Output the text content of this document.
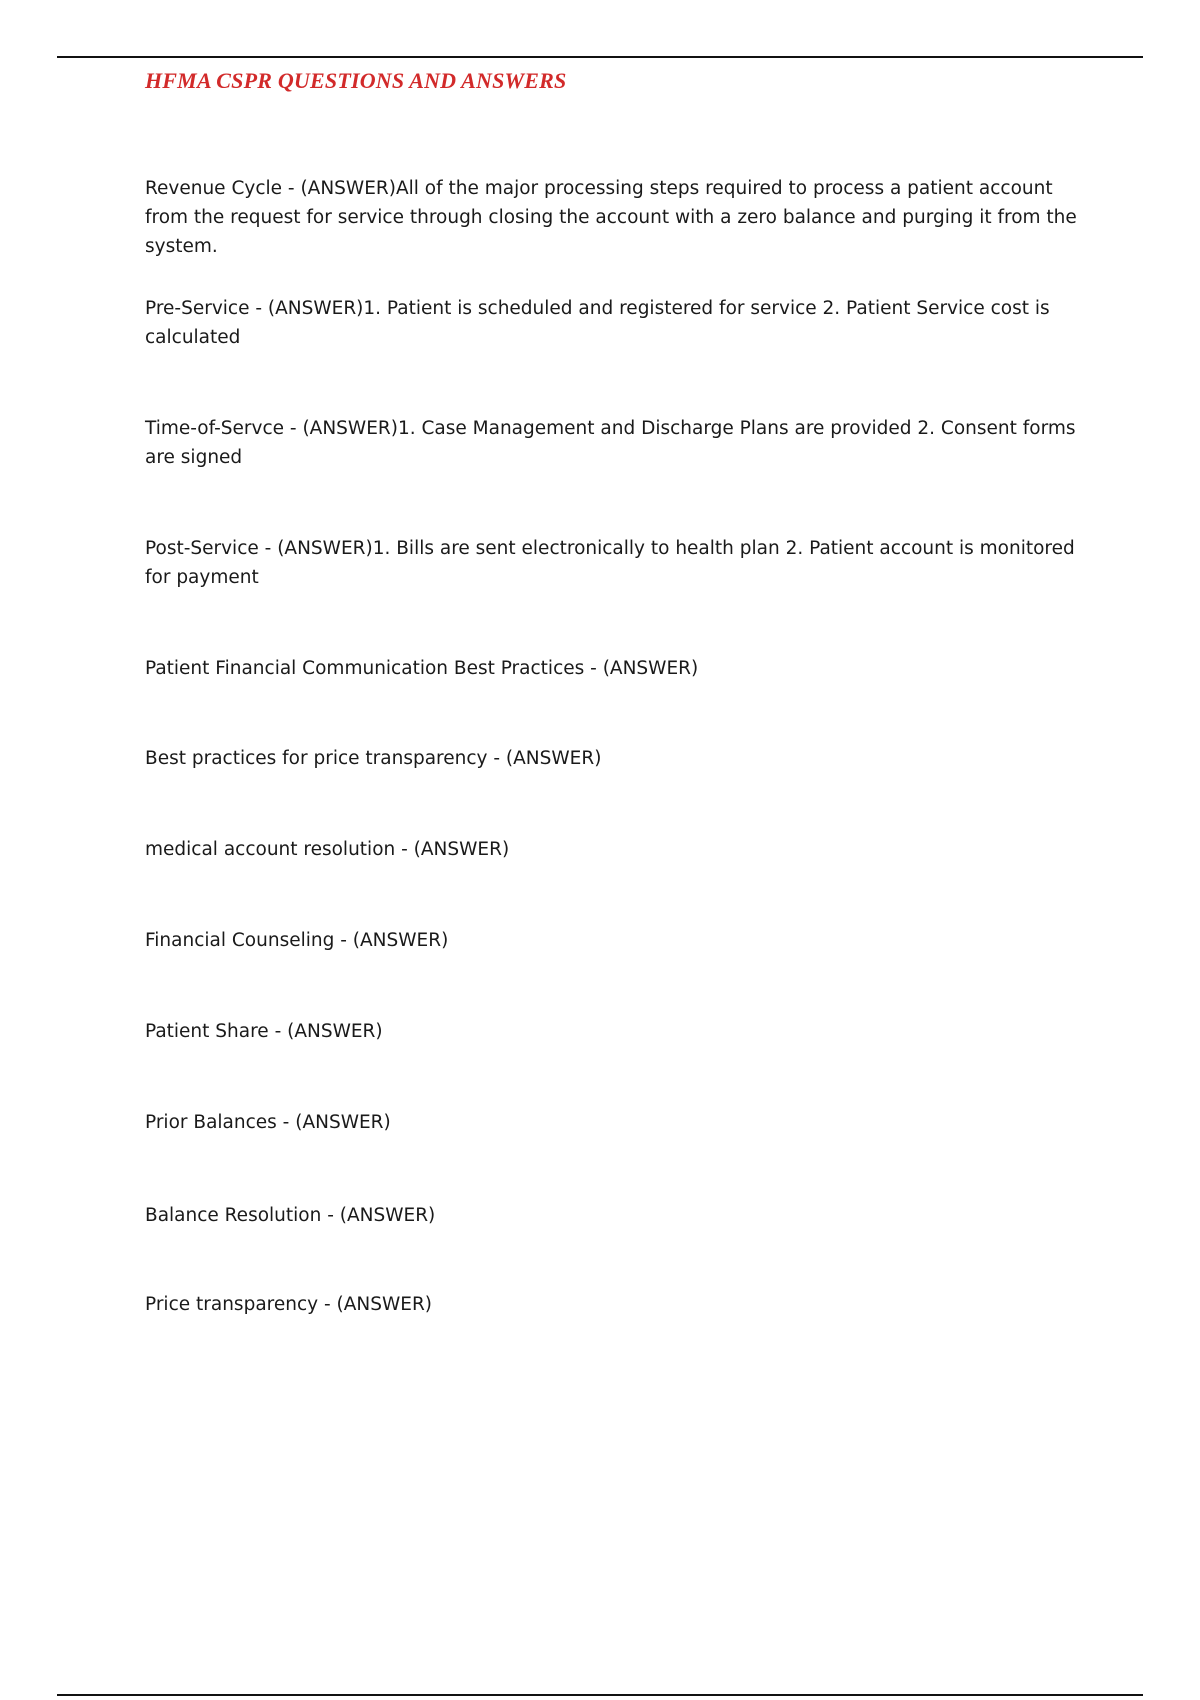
HFMA CSPR QUESTIONS AND ANSWERS

Revenue Cycle - (ANSWER)All of the major processing steps required to process a patient account from the request for service through closing the account with a zero balance and purging it from the system.

Pre-Service - (ANSWER)1. Patient is scheduled and registered for service 2. Patient Service cost is calculated

Time-of-Servce - (ANSWER)1. Case Management and Discharge Plans are provided 2. Consent forms are signed

Post-Service - (ANSWER)1. Bills are sent electronically to health plan 2. Patient account is monitored for payment

Patient Financial Communication Best Practices - (ANSWER)

Best practices for price transparency - (ANSWER)

medical account resolution - (ANSWER)

Financial Counseling - (ANSWER)

Patient Share - (ANSWER)

Prior Balances - (ANSWER)

Balance Resolution - (ANSWER)

Price transparency - (ANSWER)
